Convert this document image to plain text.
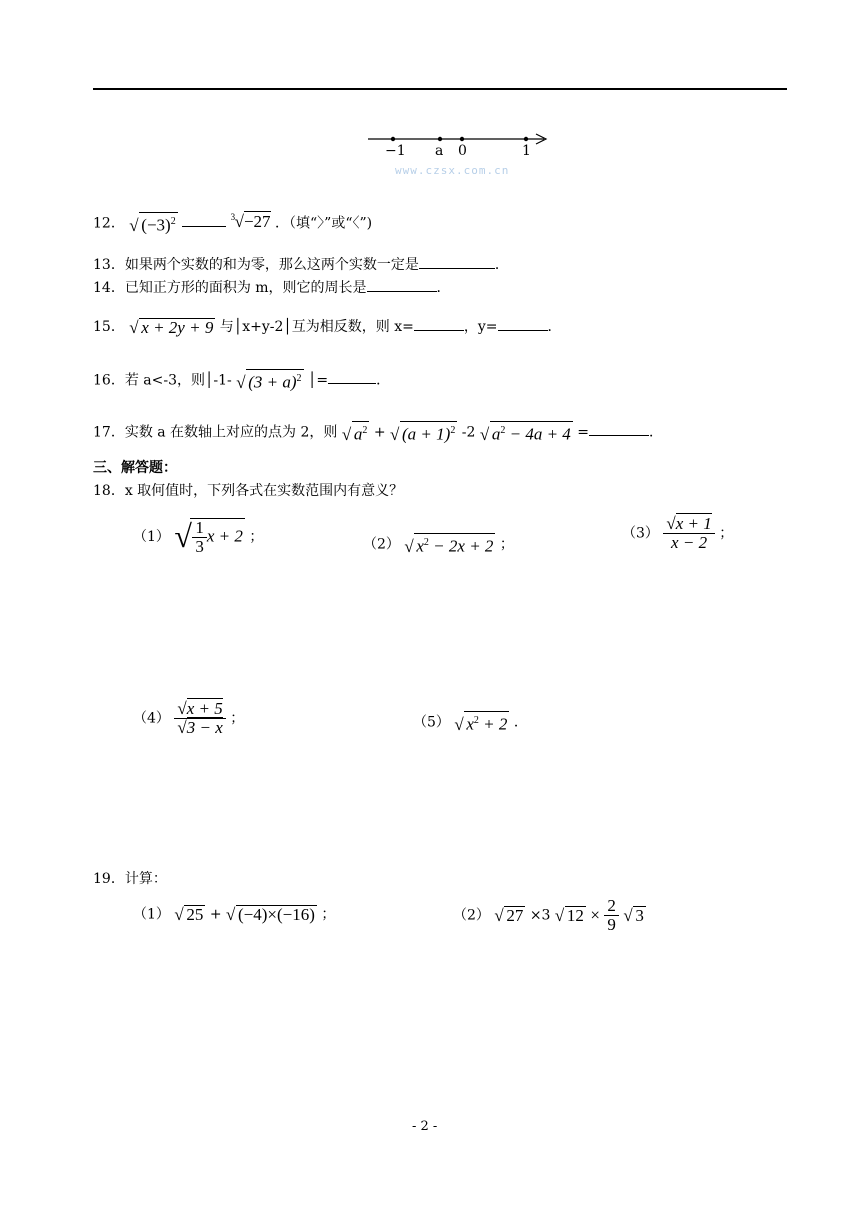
−1 a 0	1
www.czsx.com.cn
12． √ $(-3)^2$	3 √−27 ．（填“〉”或“〈”)
13．如果两个实数的和为零，那么这两个实数一定是	．
14．已知正方形的面积为 m，则它的周长是	．
15． √ x + 2y + 9 与│x+y-2│互为相反数，则 x=	，y=	．
16．若 a<-3，则│-1- √ $(3 + a)^2$ │=	．
17．实数 a 在数轴上对应的点为 2，则 √ $a^2$ + √ $(a + 1)^2$ -2 √ $a^2 - 4a + 4$ =	．
三、解答题：
18．x 取何值时，下列各式在实数范围内有意义？
（1） √ $\frac{1}{3}$ x + 2 ；	（2） √ $x^2 - 2x + 2$ ；
$(3) \frac{√x + 1}{x - 2}$ ；
$(4) \frac{√x + 5}{√3 - x}$ ；	（5） √ $x^2 + 2$ ．
19．计算：
（1） √ 25 + √ (−4)×(−16) ；	（2） √ 27 ×3 √ $12 \times \frac{2}{9}$
√ 3
- 2 -
